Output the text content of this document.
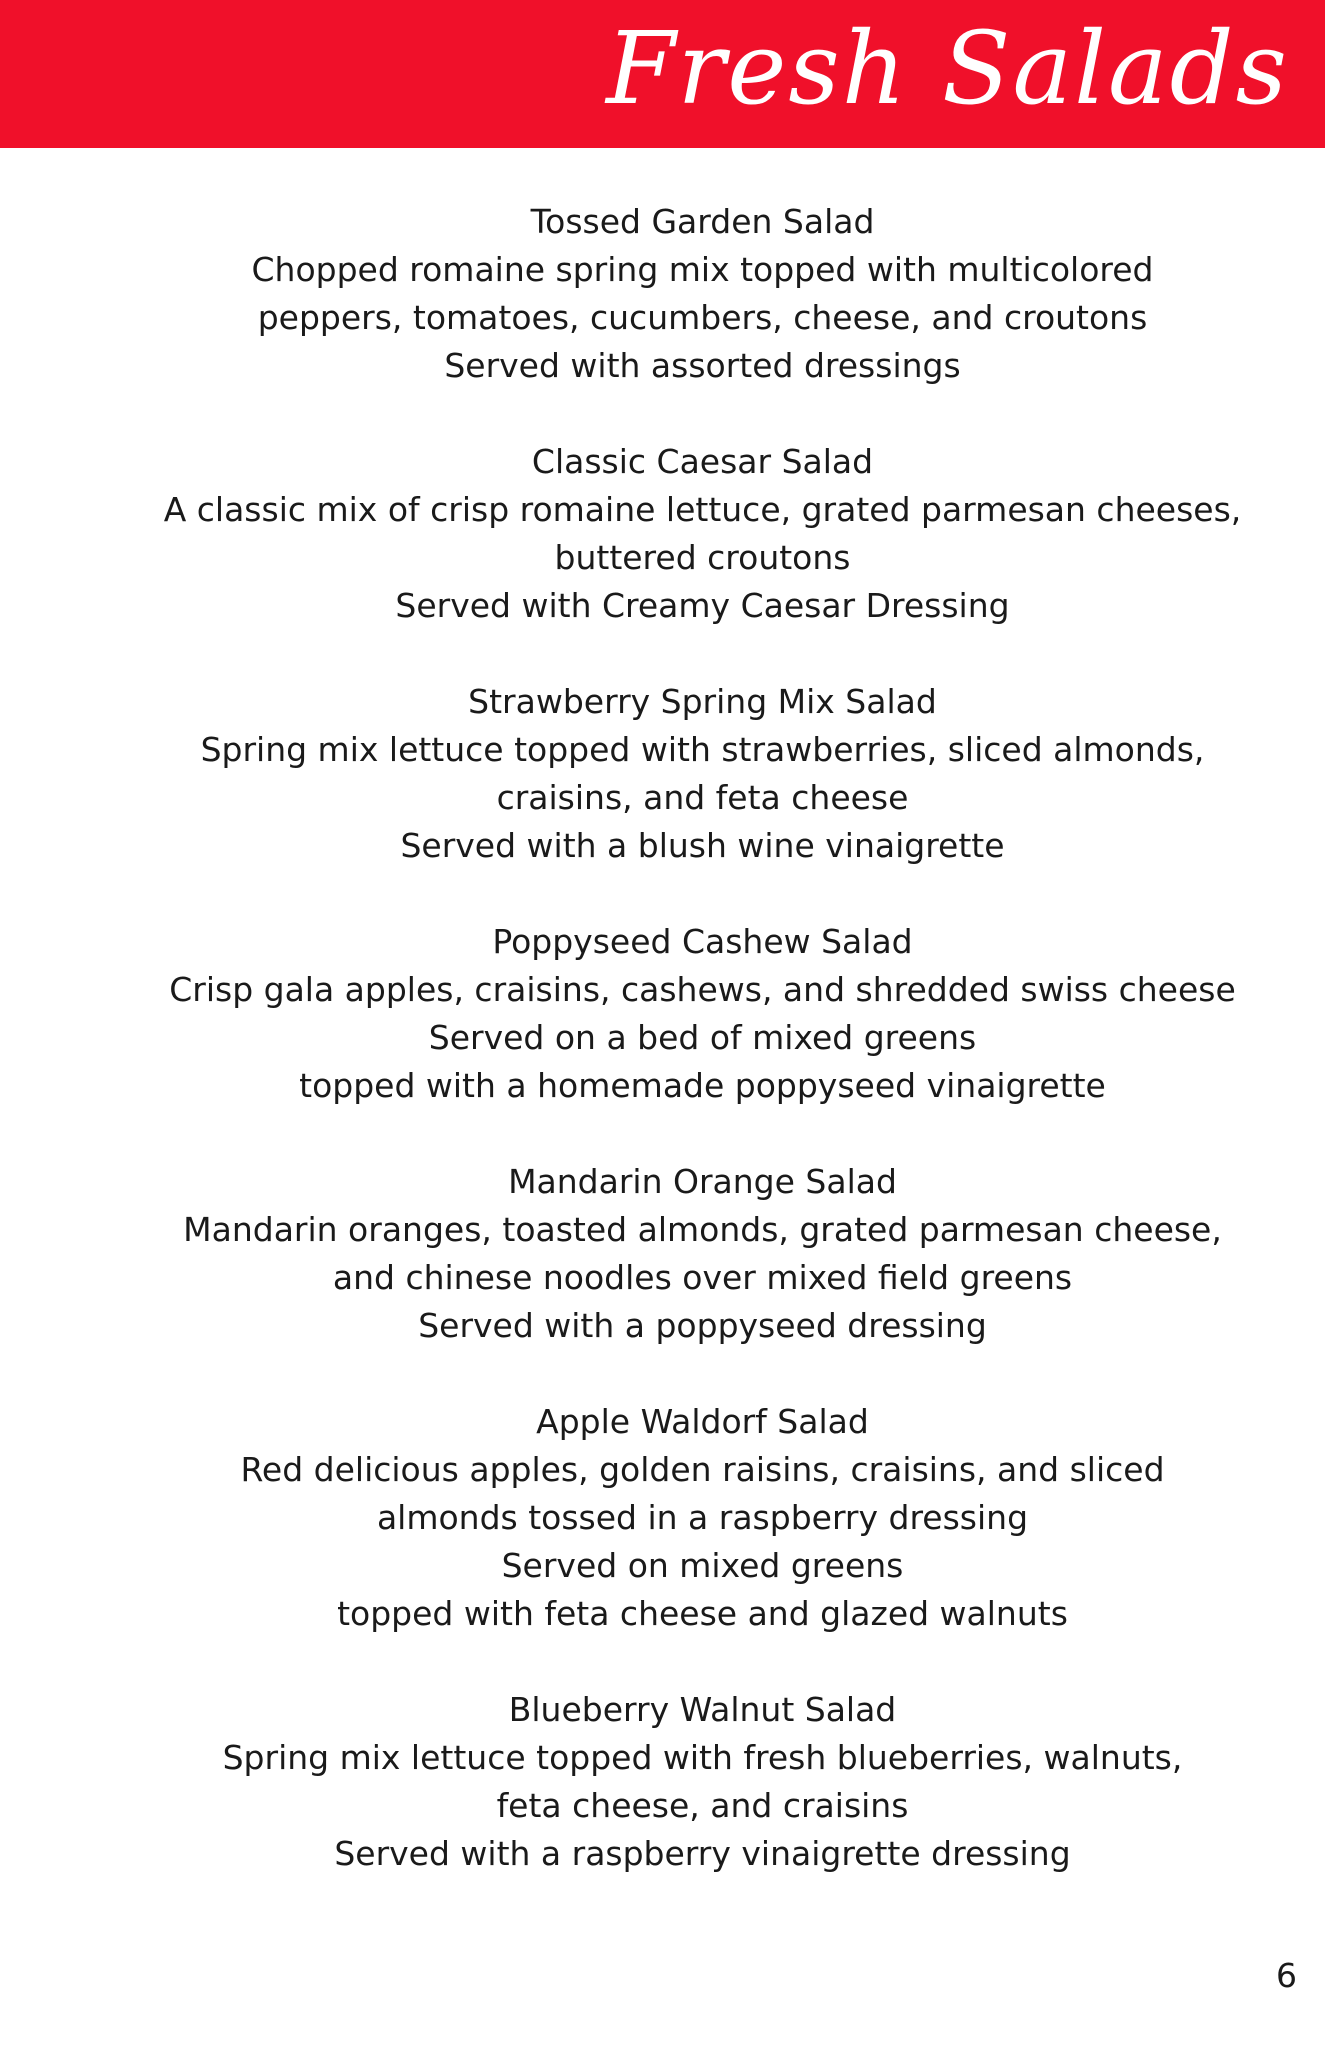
Fresh Salads

Tossed Garden Salad

Chopped romaine spring mix topped with multicolored

peppers, tomatoes, cucumbers, cheese, and croutons

Served with assorted dressings

Classic Caesar Salad

A classic mix of crisp romaine lettuce, grated parmesan cheeses,

buttered croutons

Served with Creamy Caesar Dressing

Strawberry Spring Mix Salad

Spring mix lettuce topped with strawberries, sliced almonds,

craisins, and feta cheese

Served with a blush wine vinaigrette

Poppyseed Cashew Salad

Crisp gala apples, craisins, cashews, and shredded swiss cheese

Served on a bed of mixed greens

topped with a homemade poppyseed vinaigrette

Mandarin Orange Salad

Mandarin oranges, toasted almonds, grated parmesan cheese,

and chinese noodles over mixed field greens

Served with a poppyseed dressing

Apple Waldorf Salad

Red delicious apples, golden raisins, craisins, and sliced

almonds tossed in a raspberry dressing

Served on mixed greens

topped with feta cheese and glazed walnuts

Blueberry Walnut Salad

Spring mix lettuce topped with fresh blueberries, walnuts,

feta cheese, and craisins

Served with a raspberry vinaigrette dressing

6
